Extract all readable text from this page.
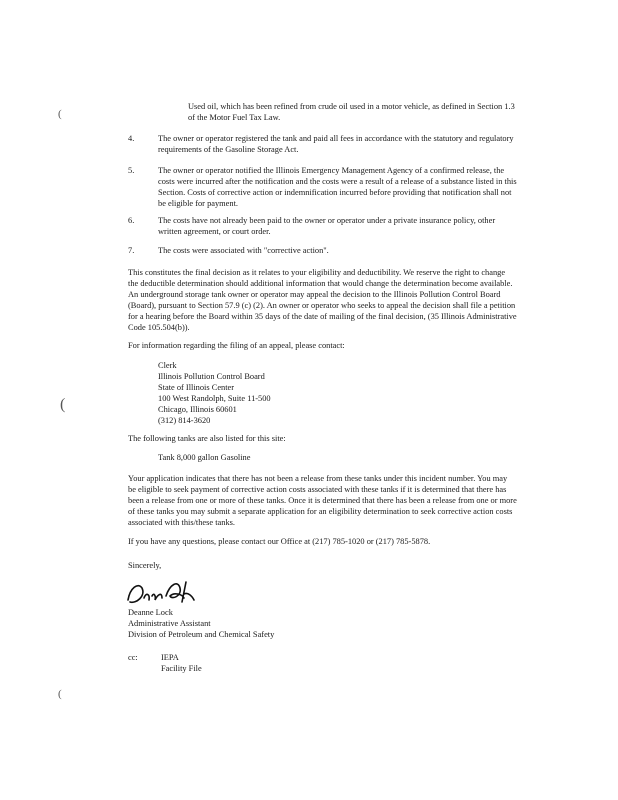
(
(
(
Used oil, which has been refined from crude oil used in a motor vehicle, as defined in Section 1.3
of the Motor Fuel Tax Law.
4.	The owner or operator registered the tank and paid all fees in accordance with the statutory and regulatory
requirements of the Gasoline Storage Act.
5.	The owner or operator notified the Illinois Emergency Management Agency of a confirmed release, the
costs were incurred after the notification and the costs were a result of a release of a substance listed in this
Section. Costs of corrective action or indemnification incurred before providing that notification shall not
be eligible for payment.
6.	The costs have not already been paid to the owner or operator under a private insurance policy, other
written agreement, or court order.
7.	The costs were associated with "corrective action".
This constitutes the final decision as it relates to your eligibility and deductibility. We reserve the right to change
the deductible determination should additional information that would change the determination become available.
An underground storage tank owner or operator may appeal the decision to the Illinois Pollution Control Board
(Board), pursuant to Section 57.9 (c) (2). An owner or operator who seeks to appeal the decision shall file a petition
for a hearing before the Board within 35 days of the date of mailing of the final decision, (35 Illinois Administrative
Code 105.504(b)).
For information regarding the filing of an appeal, please contact:
Clerk
Illinois Pollution Control Board
State of Illinois Center
100 West Randolph, Suite 11-500
Chicago, Illinois 60601
(312) 814-3620
The following tanks are also listed for this site:
Tank 8,000 gallon Gasoline
Your application indicates that there has not been a release from these tanks under this incident number. You may
be eligible to seek payment of corrective action costs associated with these tanks if it is determined that there has
been a release from one or more of these tanks. Once it is determined that there has been a release from one or more
of these tanks you may submit a separate application for an eligibility determination to seek corrective action costs
associated with this/these tanks.
If you have any questions, please contact our Office at (217) 785-1020 or (217) 785-5878.
Sincerely,
Deanne Lock
Administrative Assistant
Division of Petroleum and Chemical Safety
cc:	IEPA
Facility File
